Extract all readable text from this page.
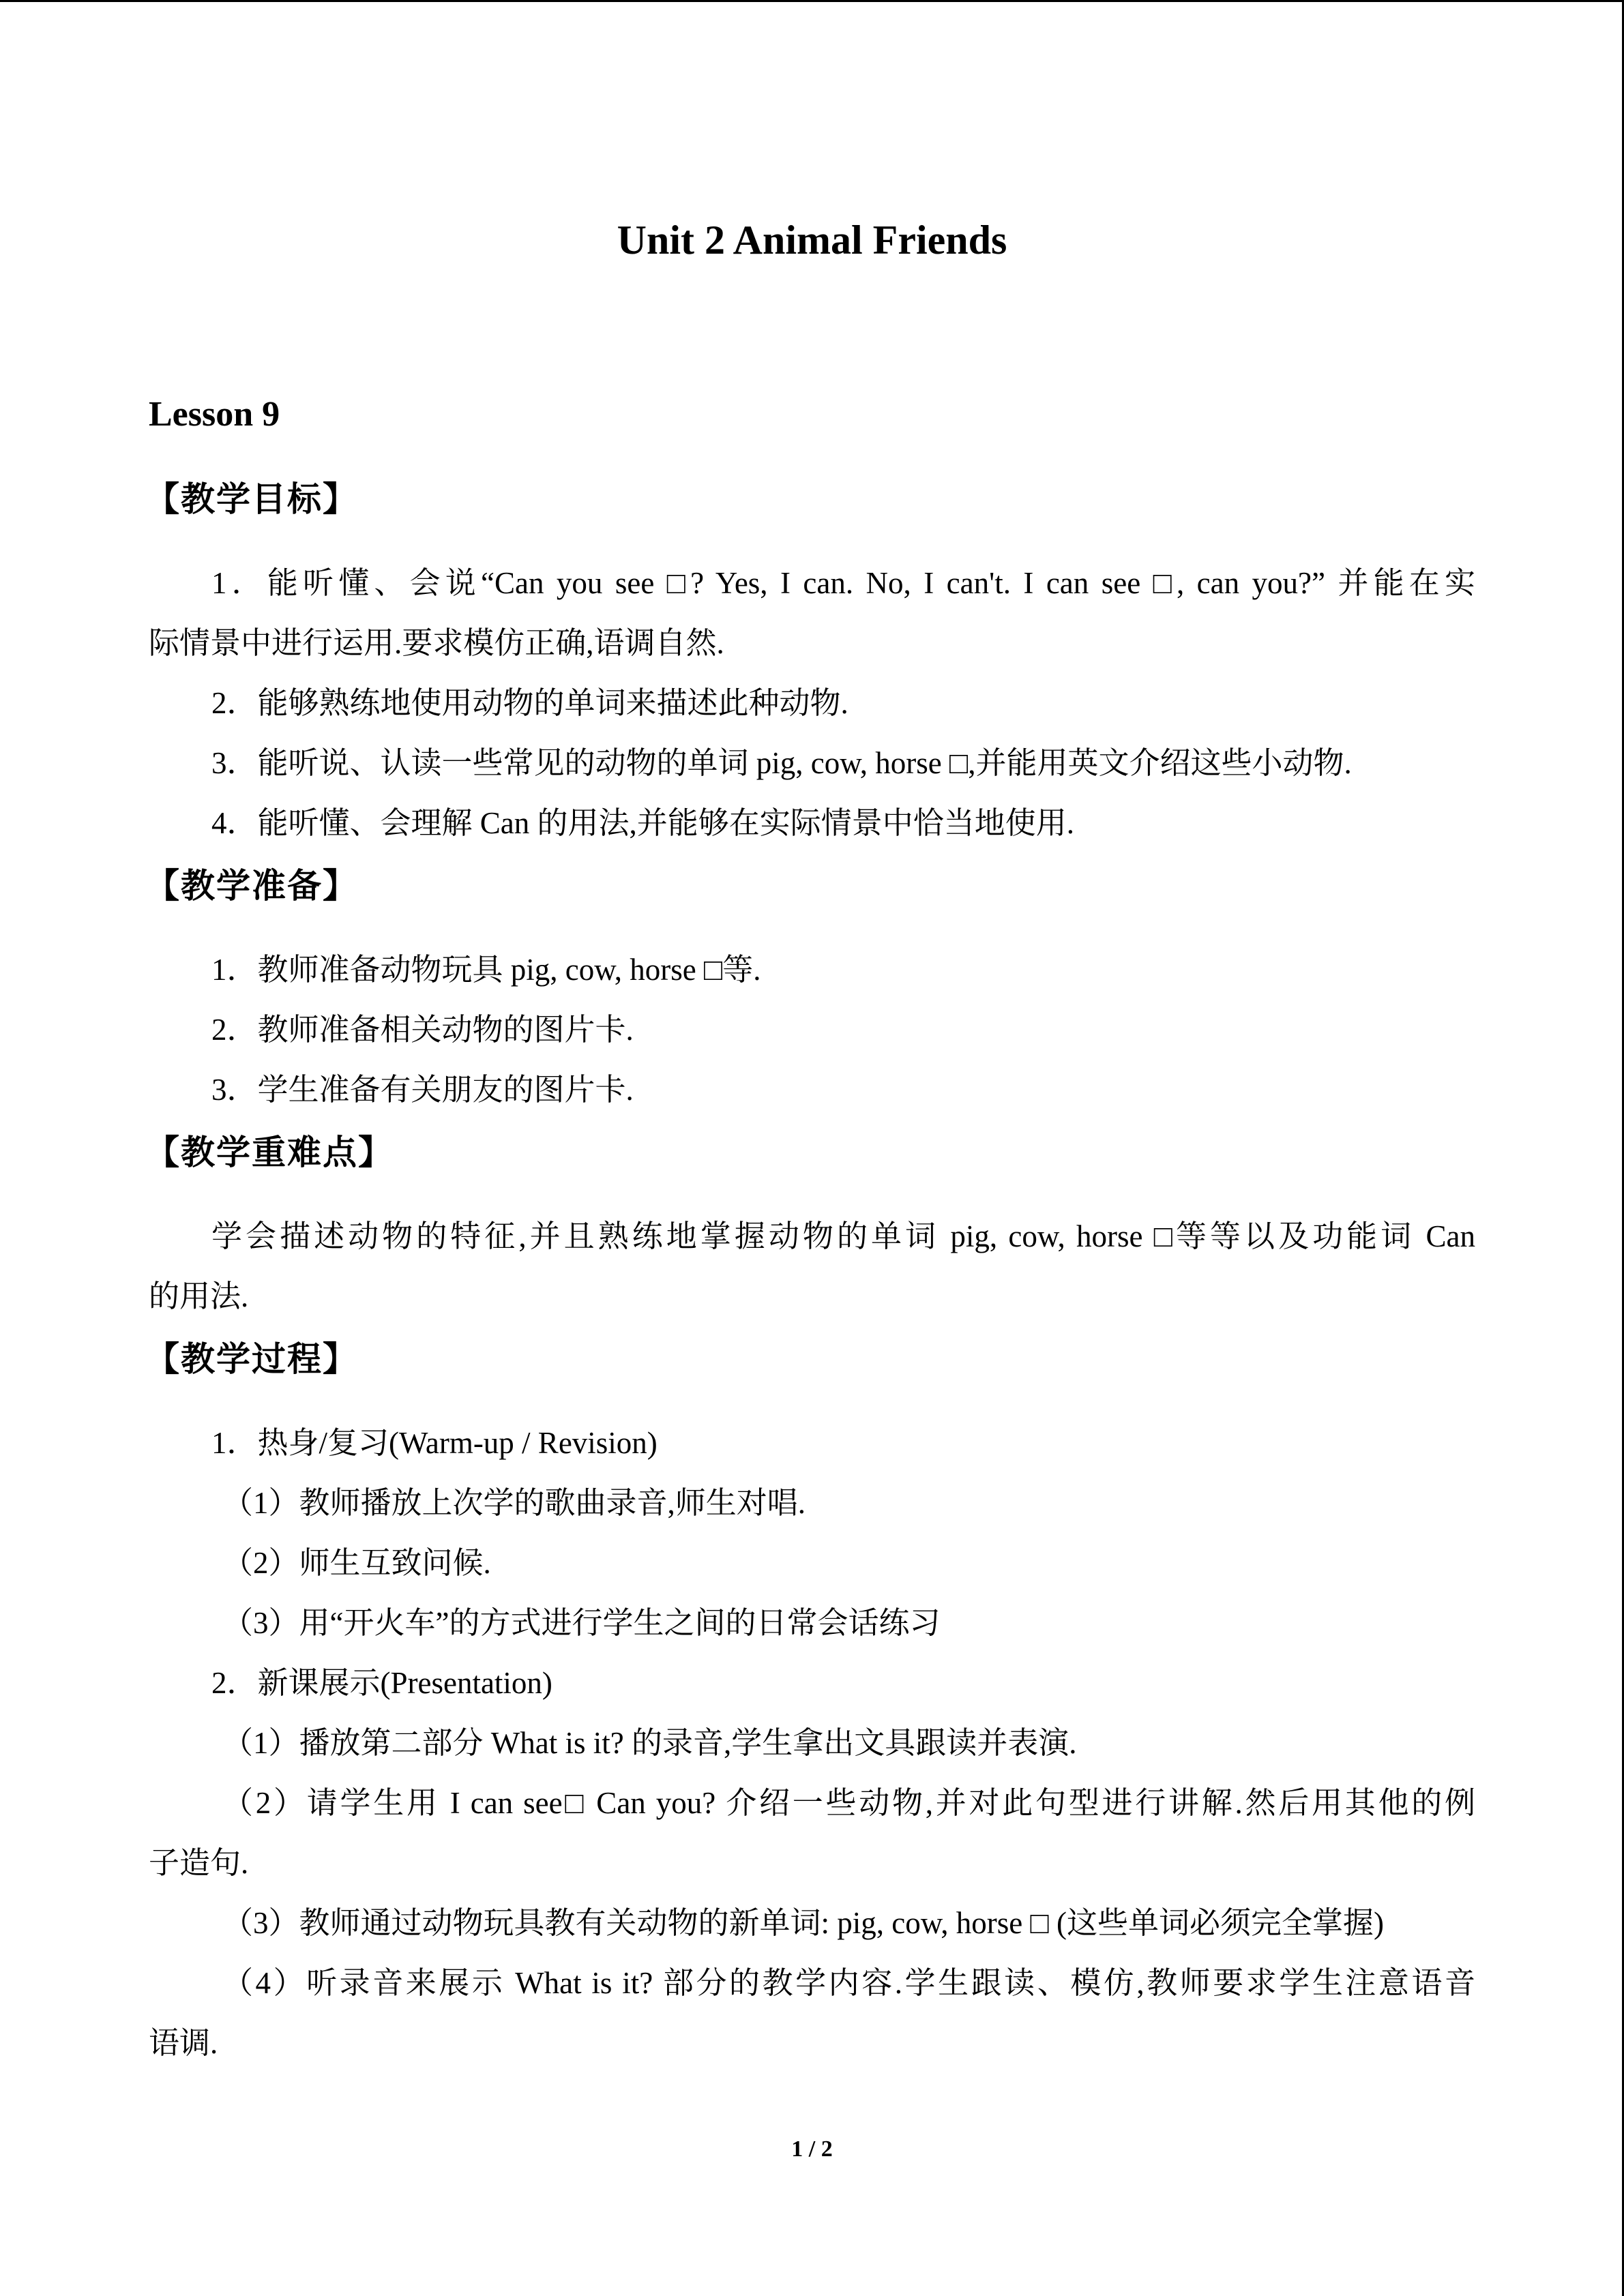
Unit 2 Animal Friends
Lesson 9
【教学目标】
1．能听懂、会说“Can you see □? Yes, I can. No, I can't. I can see □, can you?” 并能在实
际情景中进行运用.要求模仿正确,语调自然.
2．能够熟练地使用动物的单词来描述此种动物.
3．能听说、认读一些常见的动物的单词 pig, cow, horse □,并能用英文介绍这些小动物.
4．能听懂、会理解 Can 的用法,并能够在实际情景中恰当地使用.
【教学准备】
1．教师准备动物玩具 pig, cow, horse □等.
2．教师准备相关动物的图片卡.
3．学生准备有关朋友的图片卡.
【教学重难点】
学会描述动物的特征,并且熟练地掌握动物的单词 pig, cow, horse □等等以及功能词 Can
的用法.
【教学过程】
1．热身/复习(Warm-up / Revision)
（1）教师播放上次学的歌曲录音,师生对唱.
（2）师生互致问候.
（3）用“开火车”的方式进行学生之间的日常会话练习
2．新课展示(Presentation)
（1）播放第二部分 What is it? 的录音,学生拿出文具跟读并表演.
（2）请学生用 I can see□ Can you? 介绍一些动物,并对此句型进行讲解.然后用其他的例
子造句.
（3）教师通过动物玩具教有关动物的新单词: pig, cow, horse □ (这些单词必须完全掌握)
（4）听录音来展示 What is it? 部分的教学内容.学生跟读、模仿,教师要求学生注意语音
语调.
1 / 2
